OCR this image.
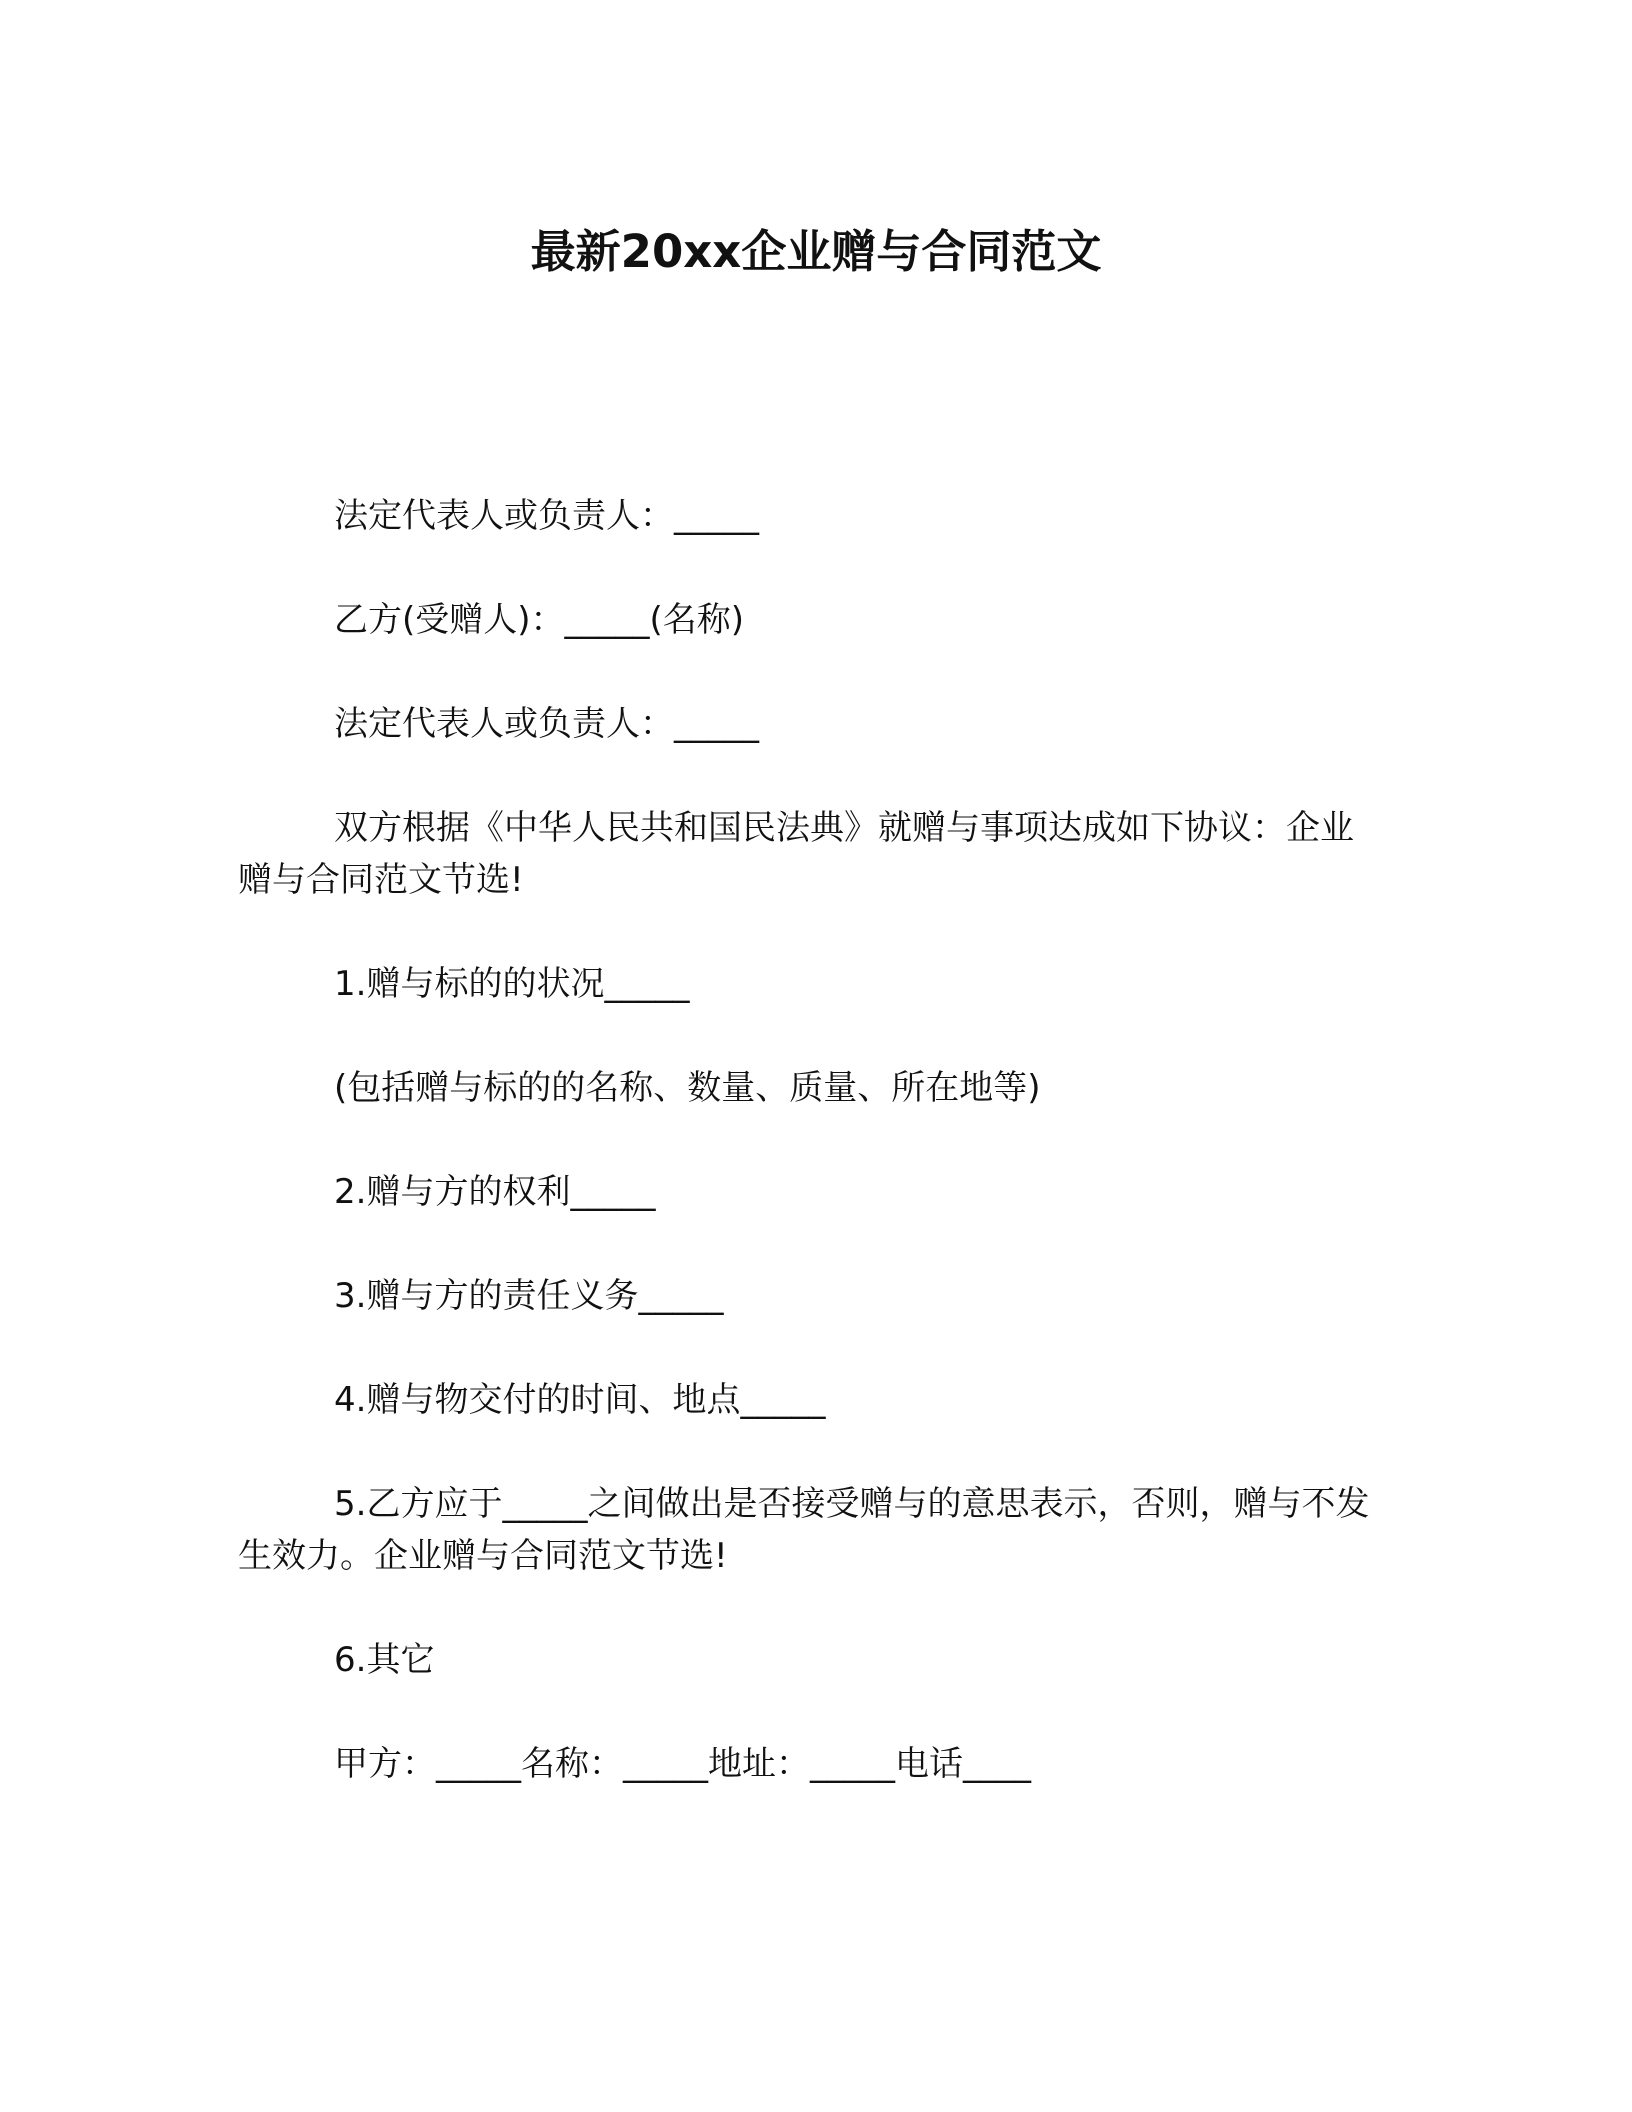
最新20xx企业赠与合同范文

法定代表人或负责人：_____

乙方(受赠人)：_____(名称)

法定代表人或负责人：_____

双方根据《中华人民共和国民法典》就赠与事项达成如下协议：企业赠与合同范文节选!

1.赠与标的的状况_____

(包括赠与标的的名称、数量、质量、所在地等)

2.赠与方的权利_____

3.赠与方的责任义务_____

4.赠与物交付的时间、地点_____

5.乙方应于_____之间做出是否接受赠与的意思表示，否则，赠与不发生效力。企业赠与合同范文节选!

6.其它

甲方：_____名称：_____地址：_____电话____
